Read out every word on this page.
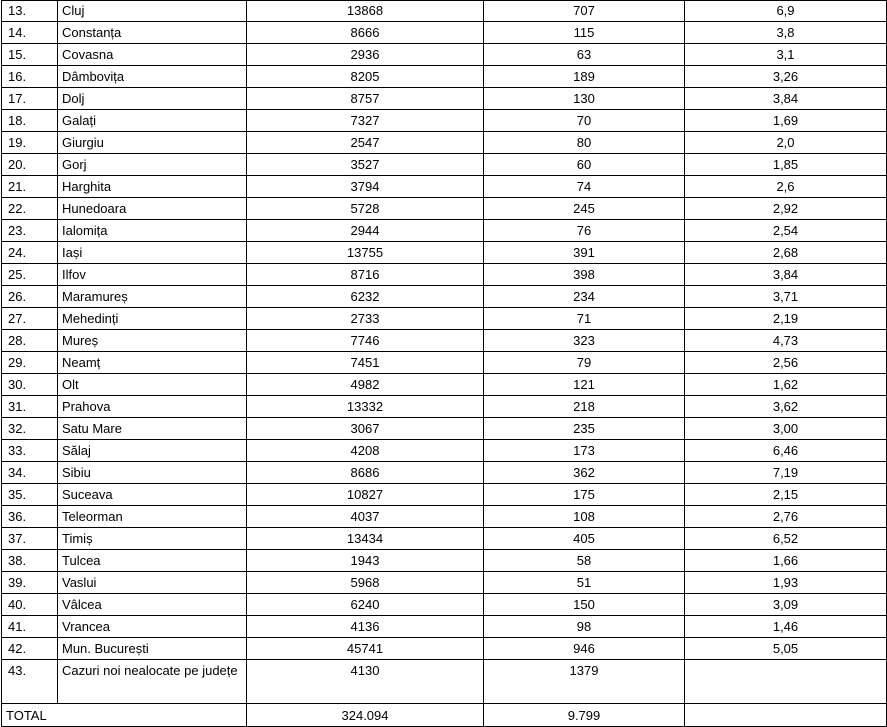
13.	Cluj	13868	707	6,9
14.	Constanța	8666	115	3,8
15.	Covasna	2936	63	3,1
16.	Dâmbovița	8205	189	3,26
17.	Dolj	8757	130	3,84
18.	Galați	7327	70	1,69
19.	Giurgiu	2547	80	2,0
20.	Gorj	3527	60	1,85
21.	Harghita	3794	74	2,6
22.	Hunedoara	5728	245	2,92
23.	Ialomița	2944	76	2,54
24.	Iași	13755	391	2,68
25.	Ilfov	8716	398	3,84
26.	Maramureș	6232	234	3,71
27.	Mehedinți	2733	71	2,19
28.	Mureș	7746	323	4,73
29.	Neamț	7451	79	2,56
30.	Olt	4982	121	1,62
31.	Prahova	13332	218	3,62
32.	Satu Mare	3067	235	3,00
33.	Sălaj	4208	173	6,46
34.	Sibiu	8686	362	7,19
35.	Suceava	10827	175	2,15
36.	Teleorman	4037	108	2,76
37.	Timiș	13434	405	6,52
38.	Tulcea	1943	58	1,66
39.	Vaslui	5968	51	1,93
40.	Vâlcea	6240	150	3,09
41.	Vrancea	4136	98	1,46
42.	Mun. București	45741	946	5,05
43.	Cazuri noi nealocate pe județe	4130	1379	
TOTAL		324.094	9.799	
